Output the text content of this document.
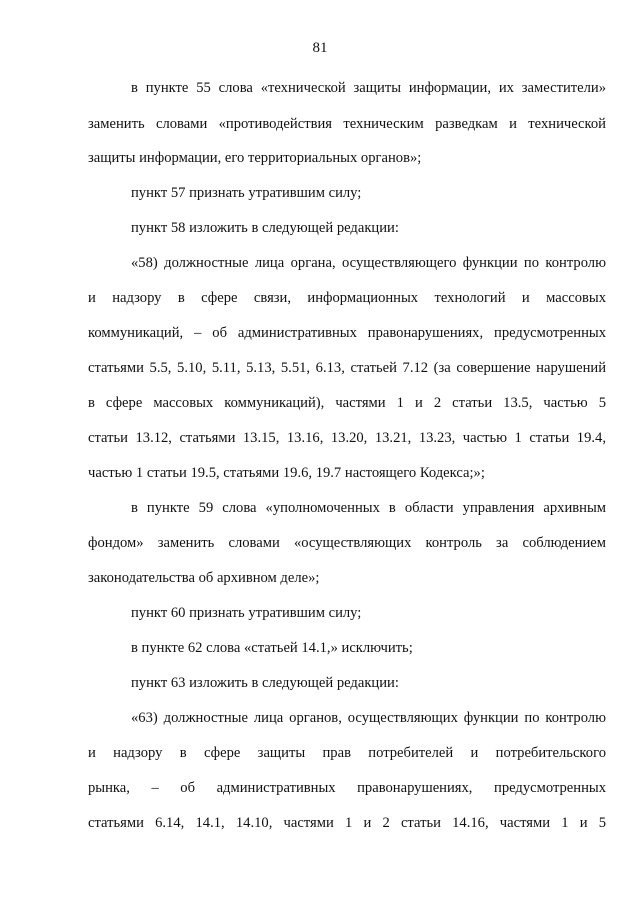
81
в пункте 55 слова «технической защиты информации, их заместители»
заменить словами «противодействия техническим разведкам и технической
защиты информации, его территориальных органов»;
пункт 57 признать утратившим силу;
пункт 58 изложить в следующей редакции:
«58) должностные лица органа, осуществляющего функции по контролю
и надзору в сфере связи, информационных технологий и массовых
коммуникаций, – об административных правонарушениях, предусмотренных
статьями 5.5, 5.10, 5.11, 5.13, 5.51, 6.13, статьей 7.12 (за совершение нарушений
в сфере массовых коммуникаций), частями 1 и 2 статьи 13.5, частью 5
статьи 13.12, статьями 13.15, 13.16, 13.20, 13.21, 13.23, частью 1 статьи 19.4,
частью 1 статьи 19.5, статьями 19.6, 19.7 настоящего Кодекса;»;
в пункте 59 слова «уполномоченных в области управления архивным
фондом» заменить словами «осуществляющих контроль за соблюдением
законодательства об архивном деле»;
пункт 60 признать утратившим силу;
в пункте 62 слова «статьей 14.1,» исключить;
пункт 63 изложить в следующей редакции:
«63) должностные лица органов, осуществляющих функции по контролю
и надзору в сфере защиты прав потребителей и потребительского
рынка, – об административных правонарушениях, предусмотренных
статьями 6.14, 14.1, 14.10, частями 1 и 2 статьи 14.16, частями 1 и 5
